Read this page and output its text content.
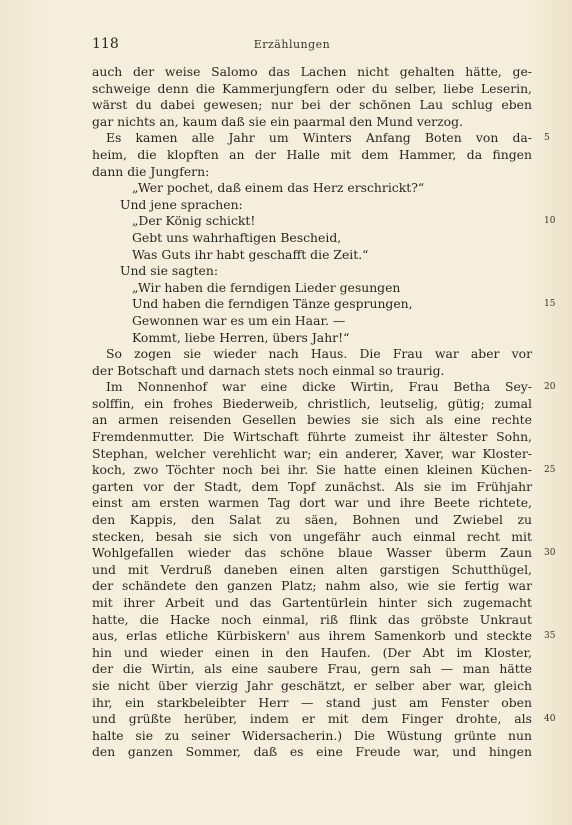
118	Erzählungen
auch der weise Salomo das Lachen nicht gehalten hätte, ge-
schweige denn die Kammerjungfern oder du selber, liebe Leserin,
wärst du dabei gewesen; nur bei der schönen Lau schlug eben
gar nichts an, kaum daß sie ein paarmal den Mund verzog.
Es kamen alle Jahr um Winters Anfang Boten von da- 5
heim, die klopften an der Halle mit dem Hammer, da fingen
dann die Jungfern:
„Wer pochet, daß einem das Herz erschrickt?“
Und jene sprachen:
„Der König schickt!	10
Gebt uns wahrhaftigen Bescheid,
Was Guts ihr habt geschafft die Zeit.“
Und sie sagten:
„Wir haben die ferndigen Lieder gesungen
Und haben die ferndigen Tänze gesprungen,	15
Gewonnen war es um ein Haar. —
Kommt, liebe Herren, übers Jahr!“
So zogen sie wieder nach Haus. Die Frau war aber vor
der Botschaft und darnach stets noch einmal so traurig.
Im Nonnenhof war eine dicke Wirtin, Frau Betha Sey- 20
solffin, ein frohes Biederweib, christlich, leutselig, gütig; zumal
an armen reisenden Gesellen bewies sie sich als eine rechte
Fremdenmutter. Die Wirtschaft führte zumeist ihr ältester Sohn,
Stephan, welcher verehlicht war; ein anderer, Xaver, war Kloster-
koch, zwo Töchter noch bei ihr. Sie hatte einen kleinen Küchen- 25
garten vor der Stadt, dem Topf zunächst. Als sie im Frühjahr
einst am ersten warmen Tag dort war und ihre Beete richtete,
den Kappis, den Salat zu säen, Bohnen und Zwiebel zu
stecken, besah sie sich von ungefähr auch einmal recht mit
Wohlgefallen wieder das schöne blaue Wasser überm Zaun 30
und mit Verdruß daneben einen alten garstigen Schutthügel,
der schändete den ganzen Platz; nahm also, wie sie fertig war
mit ihrer Arbeit und das Gartentürlein hinter sich zugemacht
hatte, die Hacke noch einmal, riß flink das gröbste Unkraut
aus, erlas etliche Kürbiskern' aus ihrem Samenkorb und steckte 35
hin und wieder einen in den Haufen. (Der Abt im Kloster,
der die Wirtin, als eine saubere Frau, gern sah — man hätte
sie nicht über vierzig Jahr geschätzt, er selber aber war, gleich
ihr, ein starkbeleibter Herr — stand just am Fenster oben
und grüßte herüber, indem er mit dem Finger drohte, als 40
halte sie zu seiner Widersacherin.) Die Wüstung grünte nun
den ganzen Sommer, daß es eine Freude war, und hingen
